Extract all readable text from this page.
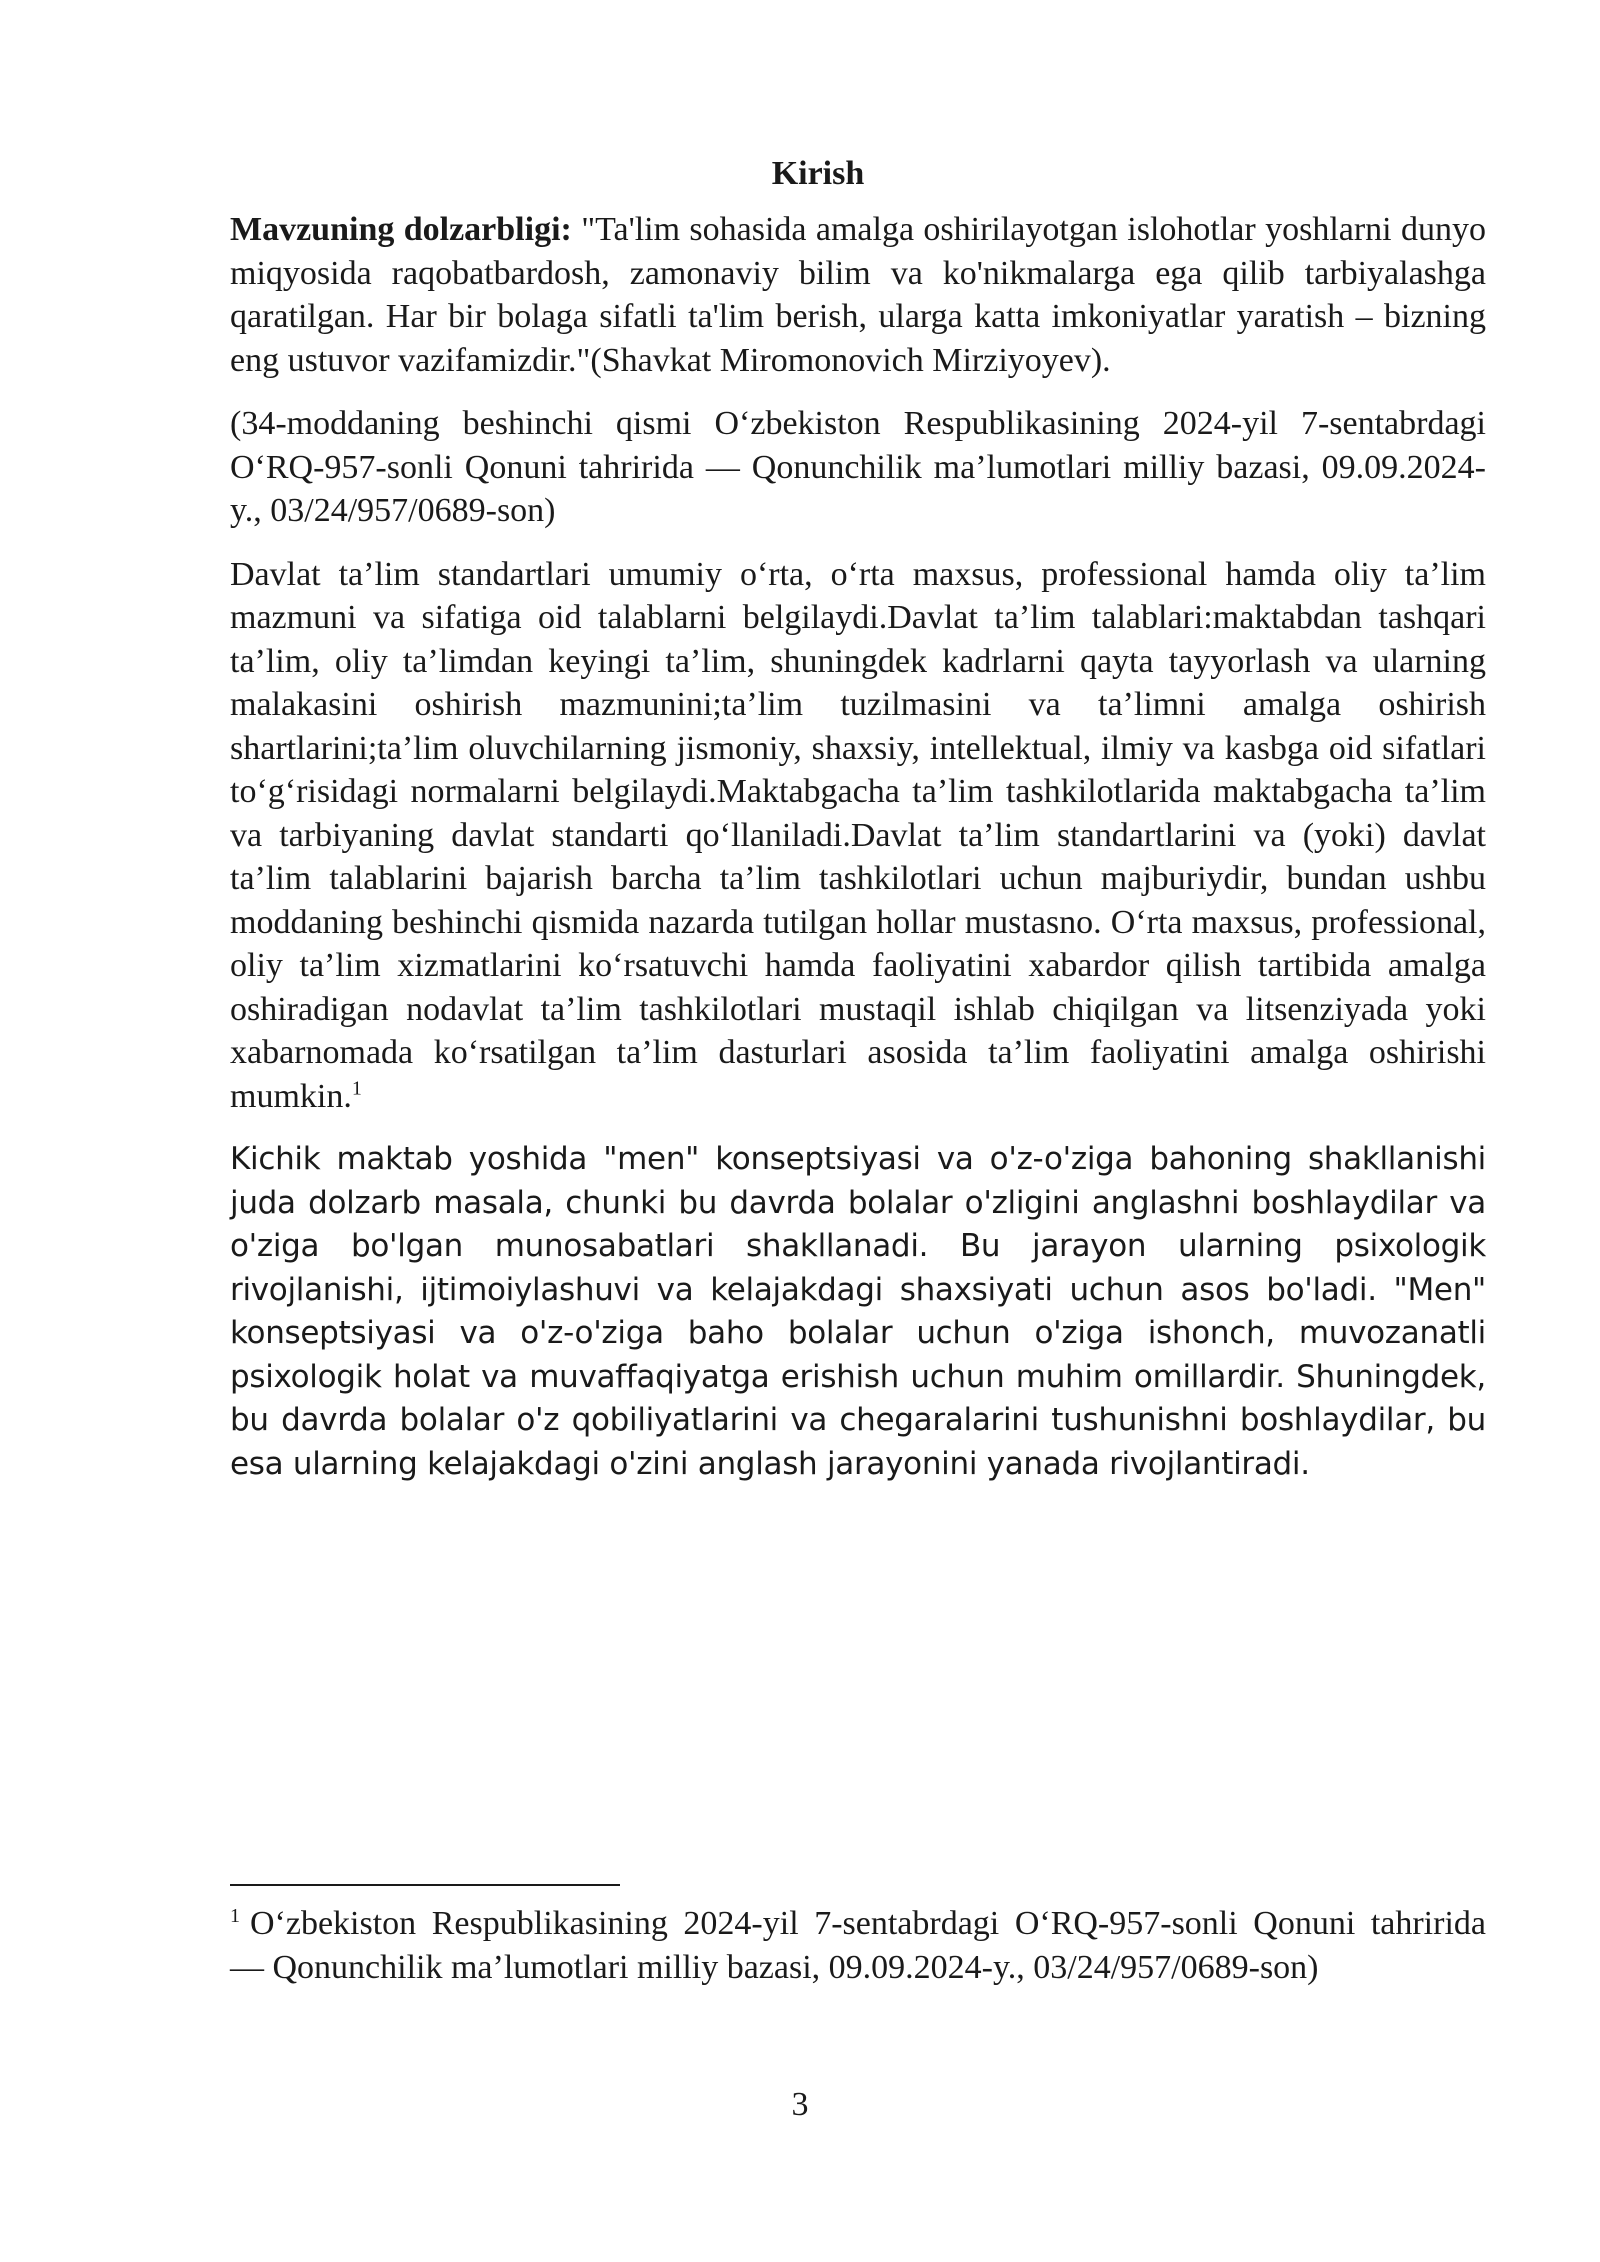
Kirish

Mavzuning dolzarbligi: "Ta'lim sohasida amalga oshirilayotgan islohotlar yoshlarni dunyo miqyosida raqobatbardosh, zamonaviy bilim va ko'nikmalarga ega qilib tarbiyalashga qaratilgan. Har bir bolaga sifatli ta'lim berish, ularga katta imkoniyatlar yaratish – bizning eng ustuvor vazifamizdir."(Shavkat Miromonovich Mirziyoyev).

(34-moddaning beshinchi qismi Oʻzbekiston Respublikasining 2024-yil 7-sentabrdagi OʻRQ-957-sonli Qonuni tahririda — Qonunchilik ma’lumotlari milliy bazasi, 09.09.2024-y., 03/24/957/0689-son)

Davlat ta’lim standartlari umumiy oʻrta, oʻrta maxsus, professional hamda oliy ta’lim mazmuni va sifatiga oid talablarni belgilaydi.Davlat ta’lim talablari:maktabdan tashqari ta’lim, oliy ta’limdan keyingi ta’lim, shuningdek kadrlarni qayta tayyorlash va ularning malakasini oshirish mazmunini;ta’lim tuzilmasini va ta’limni amalga oshirish shartlarini;ta’lim oluvchilarning jismoniy, shaxsiy, intellektual, ilmiy va kasbga oid sifatlari toʻgʻrisidagi normalarni belgilaydi.Maktabgacha ta’lim tashkilotlarida maktabgacha ta’lim va tarbiyaning davlat standarti qoʻllaniladi.Davlat ta’lim standartlarini va (yoki) davlat ta’lim talablarini bajarish barcha ta’lim tashkilotlari uchun majburiydir, bundan ushbu moddaning beshinchi qismida nazarda tutilgan hollar mustasno. Oʻrta maxsus, professional, oliy ta’lim xizmatlarini koʻrsatuvchi hamda faoliyatini xabardor qilish tartibida amalga oshiradigan nodavlat ta’lim tashkilotlari mustaqil ishlab chiqilgan va litsenziyada yoki xabarnomada koʻrsatilgan ta’lim dasturlari asosida ta’lim faoliyatini amalga oshirishi mumkin.$^1$

Kichik maktab yoshida "men" konseptsiyasi va o'z-o'ziga bahoning shakllanishi juda dolzarb masala, chunki bu davrda bolalar o'zligini anglashni boshlaydilar va o'ziga bo'lgan munosabatlari shakllanadi. Bu jarayon ularning psixologik rivojlanishi, ijtimoiylashuvi va kelajakdagi shaxsiyati uchun asos bo'ladi. "Men" konseptsiyasi va o'z-o'ziga baho bolalar uchun o'ziga ishonch, muvozanatli psixologik holat va muvaffaqiyatga erishish uchun muhim omillardir. Shuningdek, bu davrda bolalar o'z qobiliyatlarini va chegaralarini tushunishni boshlaydilar, bu esa ularning kelajakdagi o'zini anglash jarayonini yanada rivojlantiradi.

$^1$ Oʻzbekiston Respublikasining 2024-yil 7-sentabrdagi OʻRQ-957-sonli Qonuni tahririda — Qonunchilik ma’lumotlari milliy bazasi, 09.09.2024-y., 03/24/957/0689-son)

3
